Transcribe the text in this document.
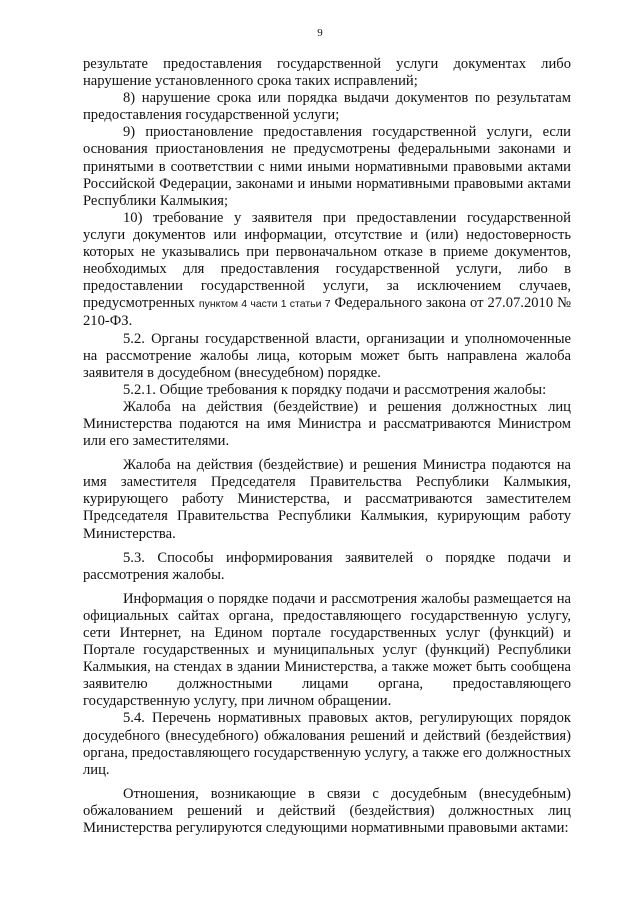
9

результате предоставления государственной услуги документах либо нарушение установленного срока таких исправлений;

8) нарушение срока или порядка выдачи документов по результатам предоставления государственной услуги;

9) приостановление предоставления государственной услуги, если основания приостановления не предусмотрены федеральными законами и принятыми в соответствии с ними иными нормативными правовыми актами Российской Федерации, законами и иными нормативными правовыми актами Республики Калмыкия;

10) требование у заявителя при предоставлении государственной услуги документов или информации, отсутствие и (или) недостоверность которых не указывались при первоначальном отказе в приеме документов, необходимых для предоставления государственной услуги, либо в предоставлении государственной услуги, за исключением случаев, предусмотренных пунктом 4 части 1 статьи 7 Федерального закона от 27.07.2010 № 210-ФЗ.

5.2. Органы государственной власти, организации и уполномоченные на рассмотрение жалобы лица, которым может быть направлена жалоба заявителя в досудебном (внесудебном) порядке.

5.2.1. Общие требования к порядку подачи и рассмотрения жалобы:

Жалоба на действия (бездействие) и решения должностных лиц Министерства подаются на имя Министра и рассматриваются Министром или его заместителями.

Жалоба на действия (бездействие) и решения Министра подаются на имя заместителя Председателя Правительства Республики Калмыкия, курирующего работу Министерства, и рассматриваются заместителем Председателя Правительства Республики Калмыкия, курирующим работу Министерства.

5.3. Способы информирования заявителей о порядке подачи и рассмотрения жалобы.

Информация о порядке подачи и рассмотрения жалобы размещается на официальных сайтах органа, предоставляющего государственную услугу, сети Интернет, на Едином портале государственных услуг (функций) и Портале государственных и муниципальных услуг (функций) Республики Калмыкия, на стендах в здании Министерства, а также может быть сообщена заявителю должностными лицами органа, предоставляющего государственную услугу, при личном обращении.

5.4. Перечень нормативных правовых актов, регулирующих порядок досудебного (внесудебного) обжалования решений и действий (бездействия) органа, предоставляющего государственную услугу, а также его должностных лиц.

Отношения, возникающие в связи с досудебным (внесудебным) обжалованием решений и действий (бездействия) должностных лиц Министерства регулируются следующими нормативными правовыми актами:
